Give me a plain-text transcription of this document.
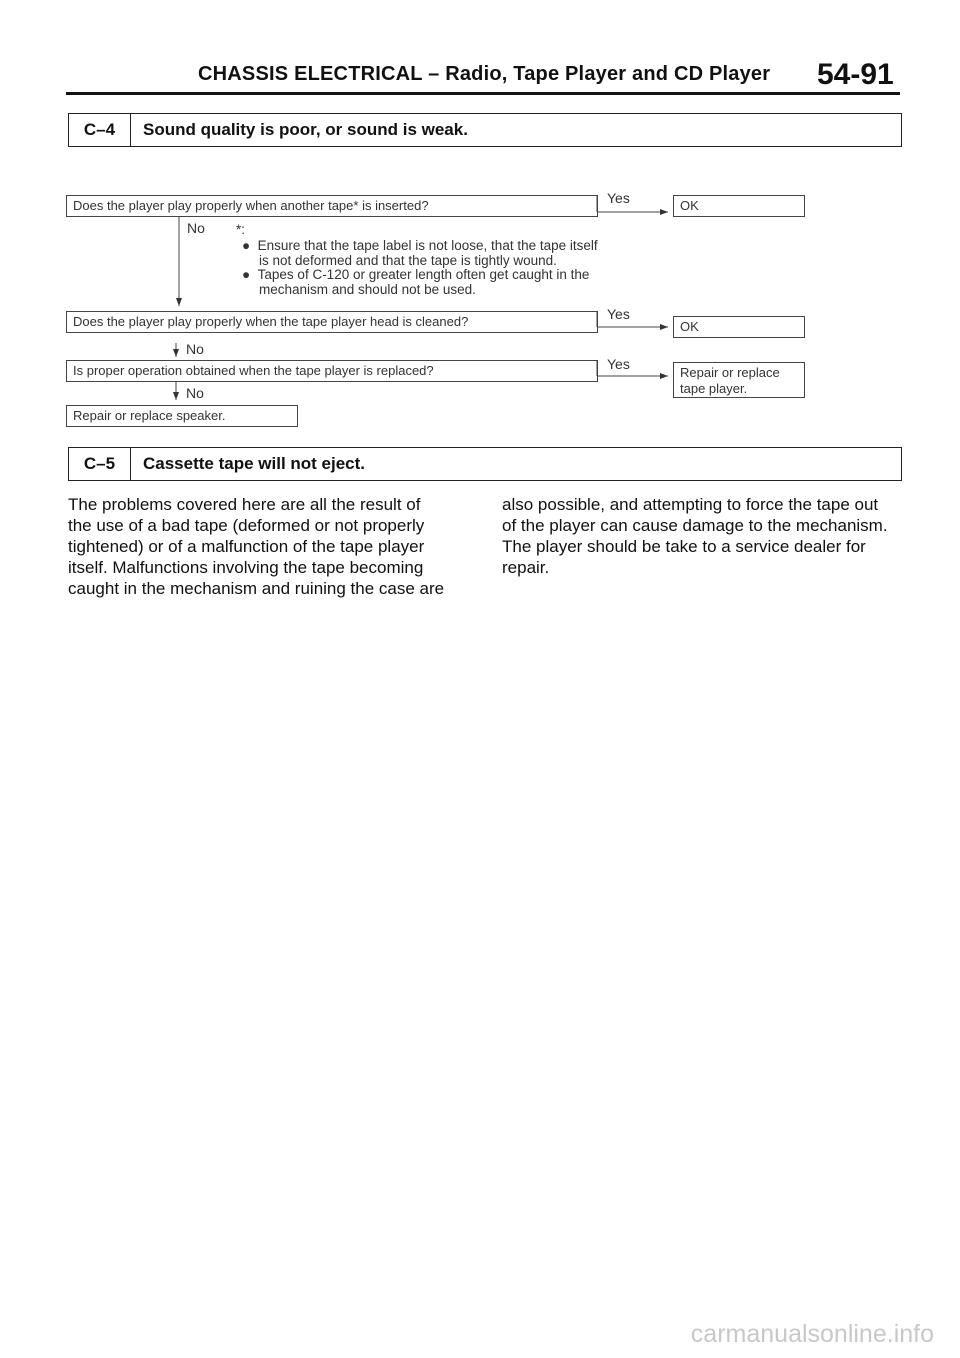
CHASSIS ELECTRICAL – Radio, Tape Player and CD Player 54-91
C–4	Sound quality is poor, or sound is weak.
Does the player play properly when another tape* is inserted?	Yes	OK
No *:
●  Ensure that the tape label is not loose, that the tape itself
is not deformed and that the tape is tightly wound.
●  Tapes of C-120 or greater length often get caught in the
mechanism and should not be used.
Does the player play properly when the tape player head is cleaned?	Yes
OK
No
Is proper operation obtained when the tape player is replaced?	Yes
Repair or replace
tape player.
No
Repair or replace speaker.
C–5	Cassette tape will not eject.
The problems covered here are all the result of
the use of a bad tape (deformed or not properly
tightened) or of a malfunction of the tape player
itself. Malfunctions involving the tape becoming
caught in the mechanism and ruining the case are
also possible, and attempting to force the tape out
of the player can cause damage to the mechanism.
The player should be take to a service dealer for
repair.
carmanualsonline.info
